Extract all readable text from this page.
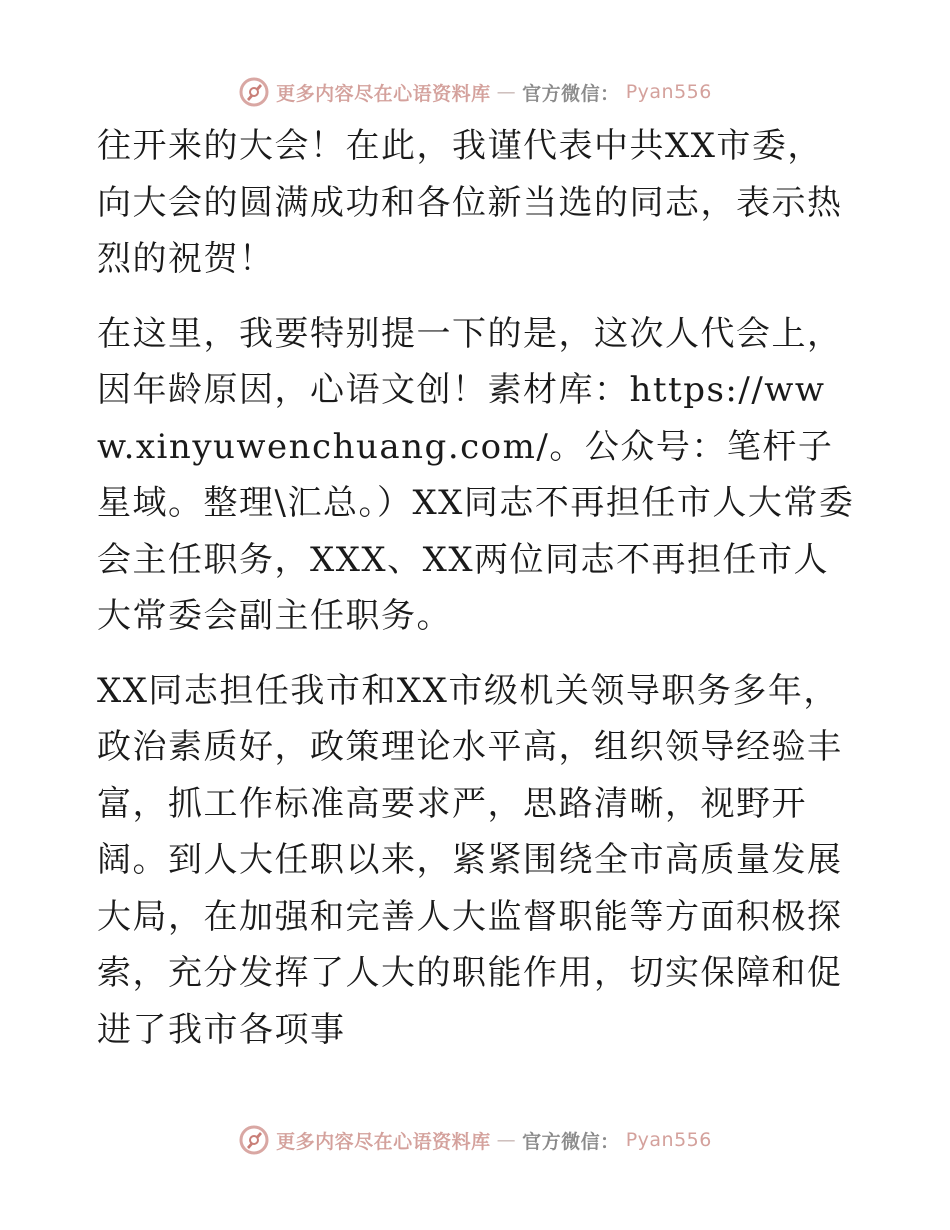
更多内容尽在心语资料库 — 官方微信： Pyan556

往开来的大会！在此，我谨代表中共XX市委，向大会的圆满成功和各位新当选的同志，表示热烈的祝贺！

在这里，我要特别提一下的是，这次人代会上，因年龄原因，心语文创！素材库：https://www.xinyuwenchuang.com/。公众号：笔杆子星域。整理\汇总。）XX同志不再担任市人大常委会主任职务，XXX、XX两位同志不再担任市人大常委会副主任职务。

XX同志担任我市和XX市级机关领导职务多年，政治素质好，政策理论水平高，组织领导经验丰富，抓工作标准高要求严，思路清晰，视野开阔。到人大任职以来，紧紧围绕全市高质量发展大局，在加强和完善人大监督职能等方面积极探索，充分发挥了人大的职能作用，切实保障和促进了我市各项事

更多内容尽在心语资料库 — 官方微信： Pyan556
